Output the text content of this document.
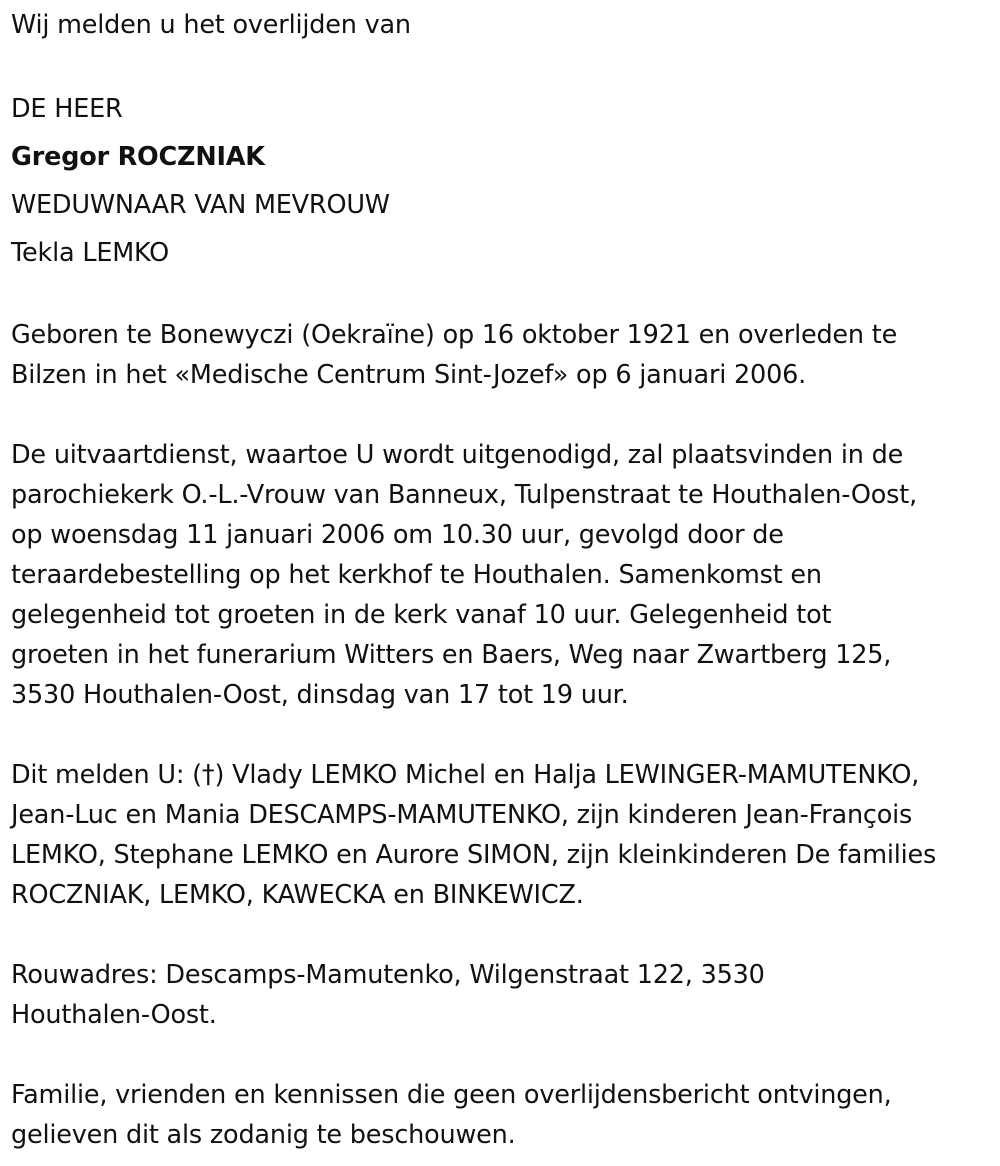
Wij melden u het overlijden van
DE HEER
Gregor ROCZNIAK
WEDUWNAAR VAN MEVROUW
Tekla LEMKO
Geboren te Bonewyczi (Oekraïne) op 16 oktober 1921 en overleden te
Bilzen in het «Medische Centrum Sint-Jozef» op 6 januari 2006.
De uitvaartdienst, waartoe U wordt uitgenodigd, zal plaatsvinden in de
parochiekerk O.-L.-Vrouw van Banneux, Tulpenstraat te Houthalen-Oost,
op woensdag 11 januari 2006 om 10.30 uur, gevolgd door de
teraardebestelling op het kerkhof te Houthalen. Samenkomst en
gelegenheid tot groeten in de kerk vanaf 10 uur. Gelegenheid tot
groeten in het funerarium Witters en Baers, Weg naar Zwartberg 125,
3530 Houthalen-Oost, dinsdag van 17 tot 19 uur.
Dit melden U: (†) Vlady LEMKO Michel en Halja LEWINGER-MAMUTENKO,
Jean-Luc en Mania DESCAMPS-MAMUTENKO, zijn kinderen Jean-François
LEMKO, Stephane LEMKO en Aurore SIMON, zijn kleinkinderen De families
ROCZNIAK, LEMKO, KAWECKA en BINKEWICZ.
Rouwadres: Descamps-Mamutenko, Wilgenstraat 122, 3530
Houthalen-Oost.
Familie, vrienden en kennissen die geen overlijdensbericht ontvingen,
gelieven dit als zodanig te beschouwen.
